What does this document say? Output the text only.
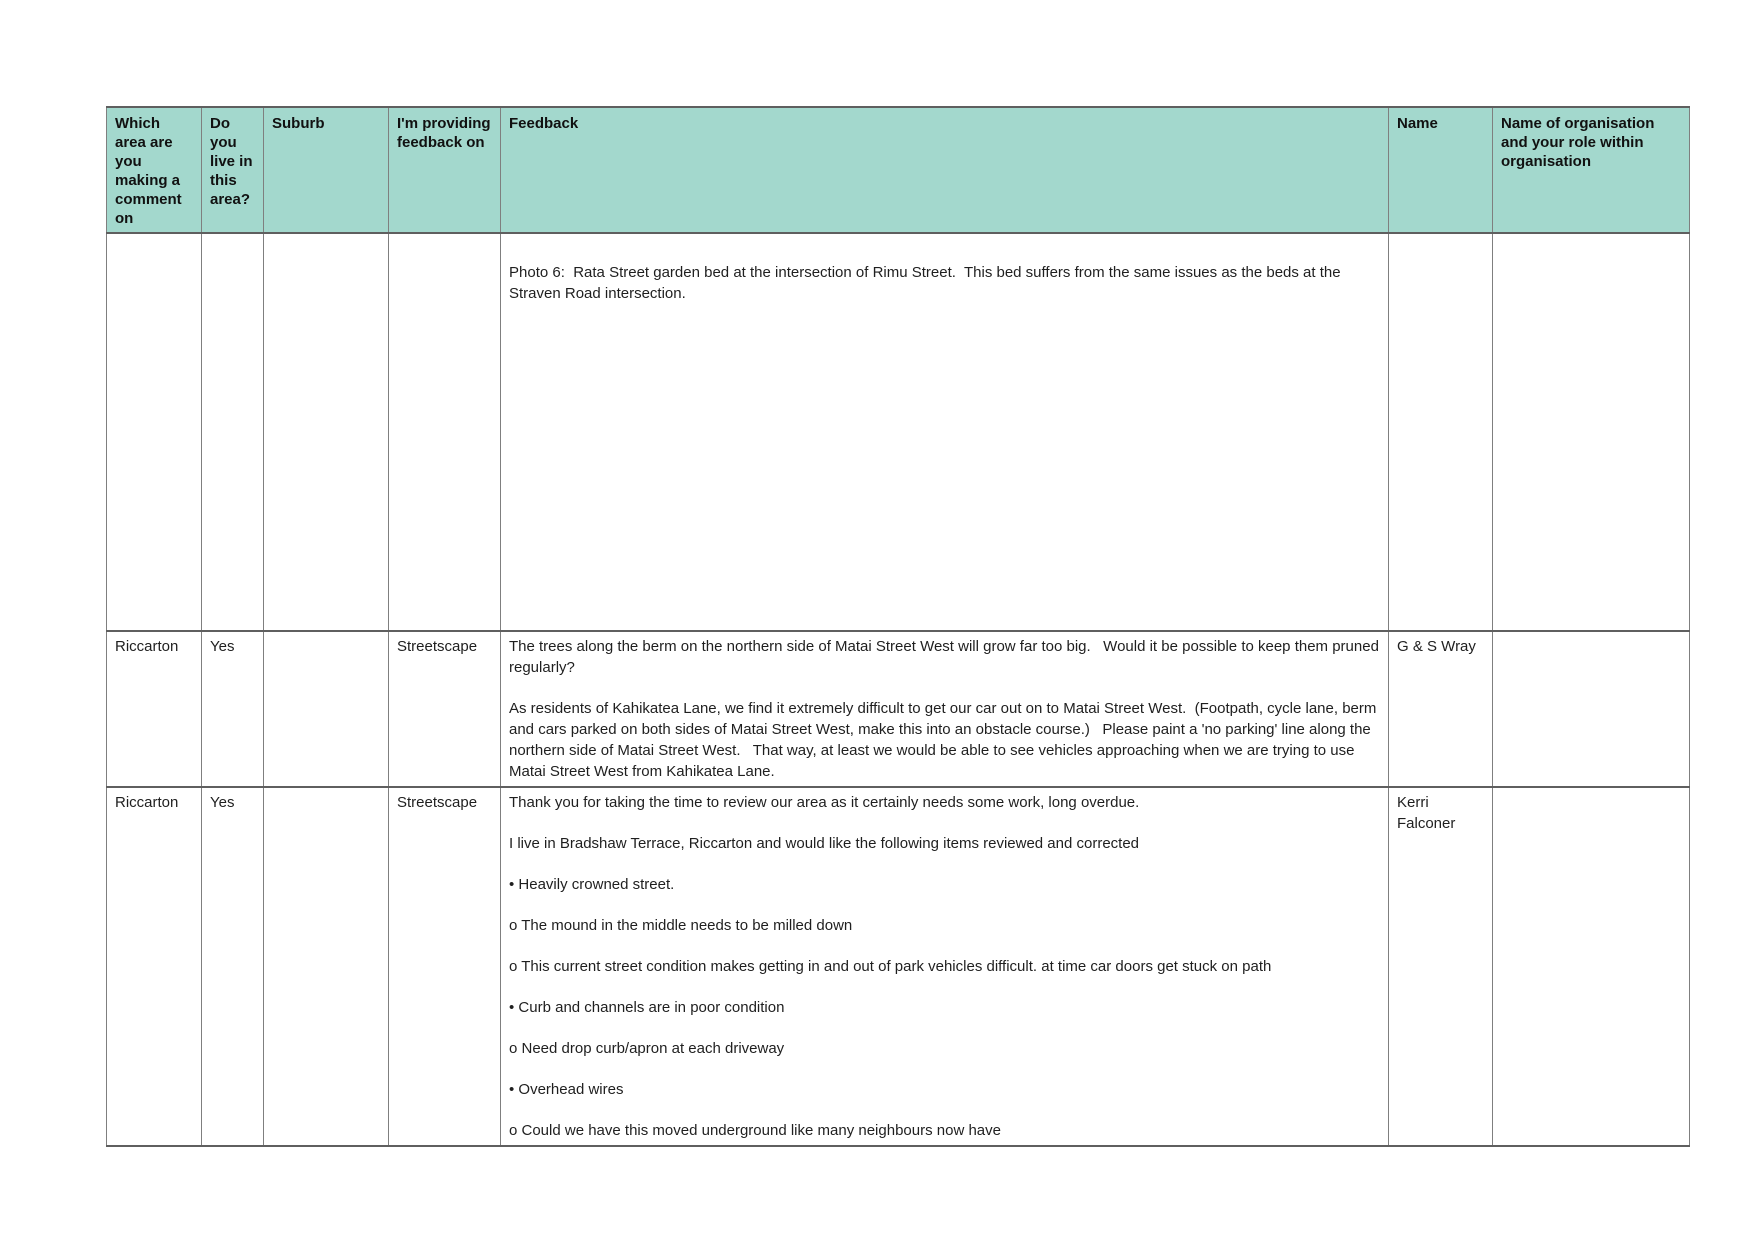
Which area are you making a comment on	Do you live in this area?	Suburb	I'm providing feedback on	Feedback	Name	Name of organisation and your role within organisation

				Photo 6:  Rata Street garden bed at the intersection of Rimu Street.  This bed suffers from the same issues as the beds at the Straven Road intersection.		

Riccarton	Yes		Streetscape	The trees along the berm on the northern side of Matai Street West will grow far too big.   Would it be possible to keep them pruned regularly?

As residents of Kahikatea Lane, we find it extremely difficult to get our car out on to Matai Street West.  (Footpath, cycle lane, berm and cars parked on both sides of Matai Street West, make this into an obstacle course.)   Please paint a 'no parking' line along the northern side of Matai Street West.   That way, at least we would be able to see vehicles approaching when we are trying to use Matai Street West from Kahikatea Lane.	G & S Wray	
Riccarton	Yes		Streetscape	Thank you for taking the time to review our area as it certainly needs some work, long overdue.

I live in Bradshaw Terrace, Riccarton and would like the following items reviewed and corrected

• Heavily crowned street.

o The mound in the middle needs to be milled down

o This current street condition makes getting in and out of park vehicles difficult. at time car doors get stuck on path

• Curb and channels are in poor condition

o Need drop curb/apron at each driveway

• Overhead wires

o Could we have this moved underground like many neighbours now have

	Kerri Falconer	
